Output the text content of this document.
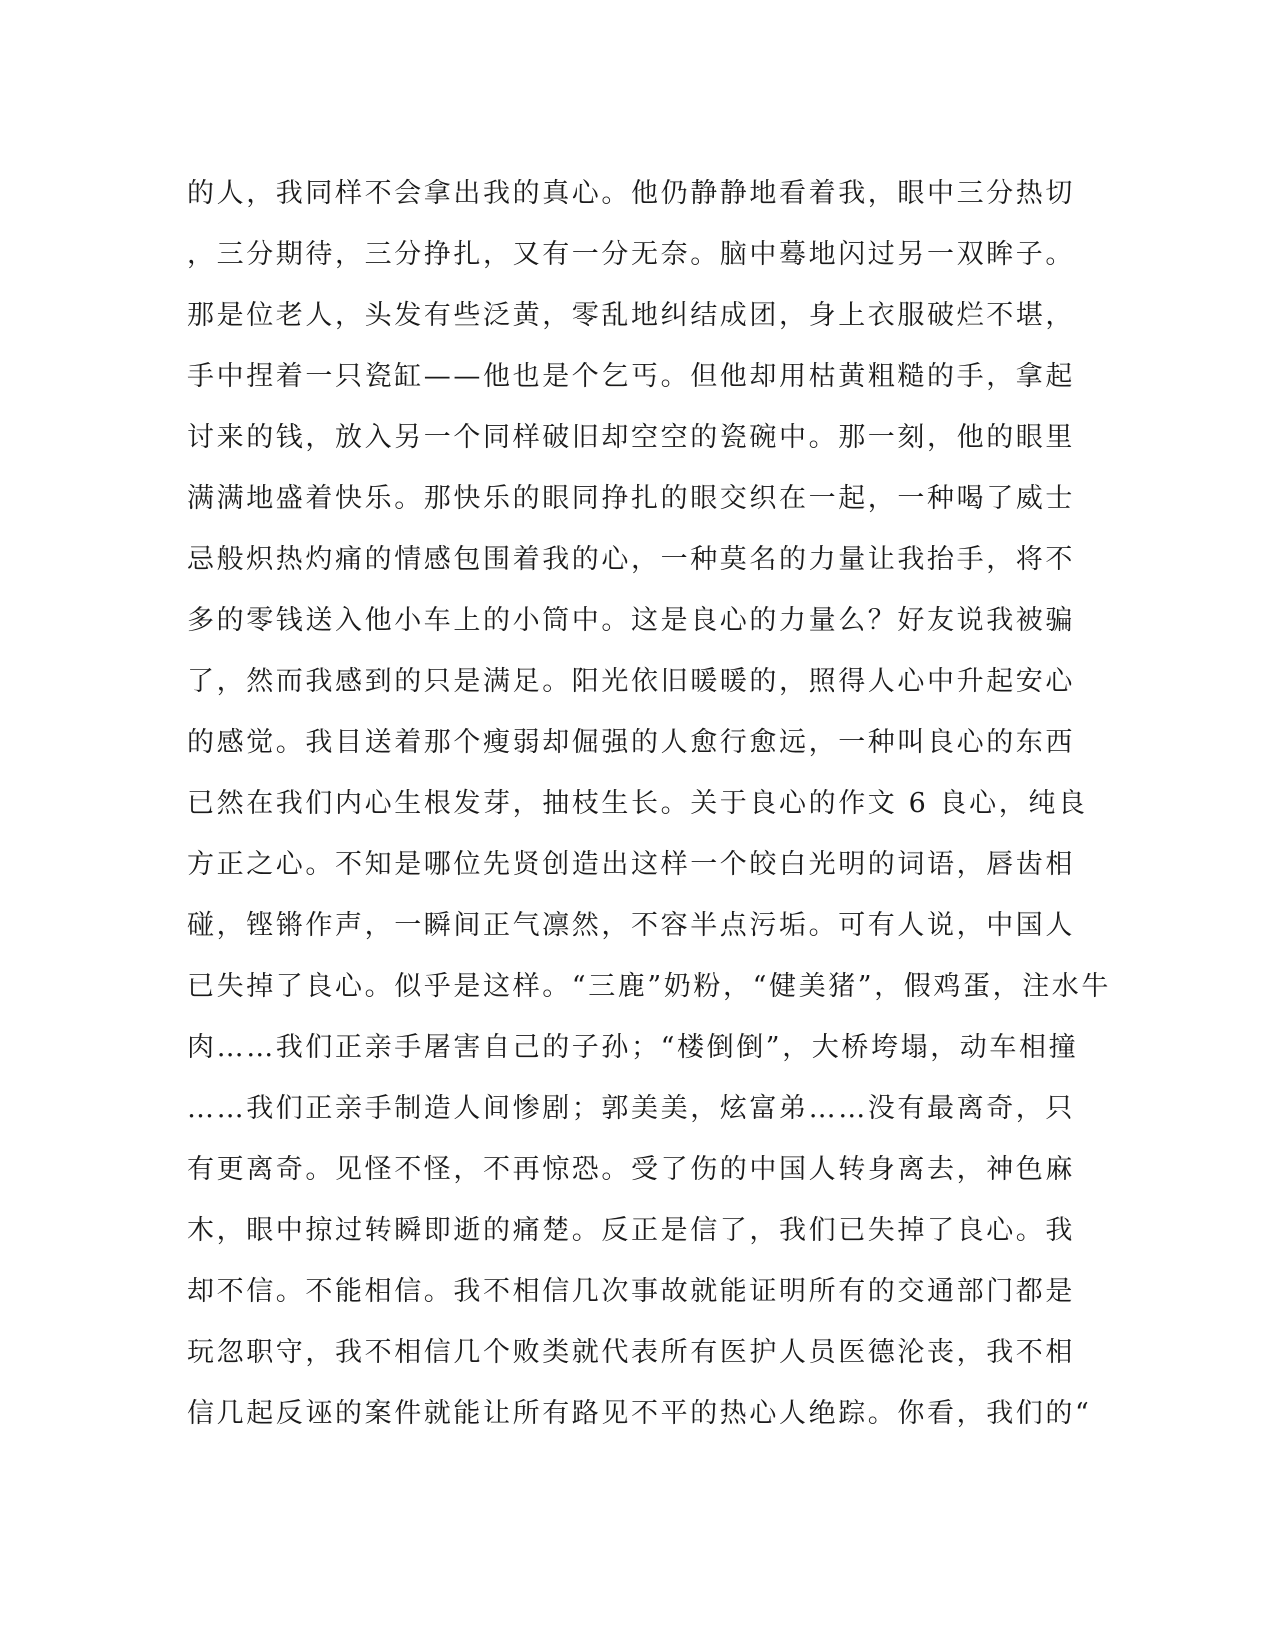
的人，我同样不会拿出我的真心。他仍静静地看着我，眼中三分热切
，三分期待，三分挣扎，又有一分无奈。脑中蓦地闪过另一双眸子。
那是位老人，头发有些泛黄，零乱地纠结成团，身上衣服破烂不堪，
手中捏着一只瓷缸——他也是个乞丐。但他却用枯黄粗糙的手，拿起
讨来的钱，放入另一个同样破旧却空空的瓷碗中。那一刻，他的眼里
满满地盛着快乐。那快乐的眼同挣扎的眼交织在一起，一种喝了威士
忌般炽热灼痛的情感包围着我的心，一种莫名的力量让我抬手，将不
多的零钱送入他小车上的小筒中。这是良心的力量么？好友说我被骗
了，然而我感到的只是满足。阳光依旧暖暖的，照得人心中升起安心
的感觉。我目送着那个瘦弱却倔强的人愈行愈远，一种叫良心的东西
已然在我们内心生根发芽，抽枝生长。关于良心的作文 6 良心，纯良
方正之心。不知是哪位先贤创造出这样一个皎白光明的词语，唇齿相
碰，铿锵作声，一瞬间正气凛然，不容半点污垢。可有人说，中国人
已失掉了良心。似乎是这样。“三鹿”奶粉，“健美猪”，假鸡蛋，注水牛
肉……我们正亲手屠害自己的子孙；“楼倒倒”，大桥垮塌，动车相撞
……我们正亲手制造人间惨剧；郭美美，炫富弟……没有最离奇，只
有更离奇。见怪不怪，不再惊恐。受了伤的中国人转身离去，神色麻
木，眼中掠过转瞬即逝的痛楚。反正是信了，我们已失掉了良心。我
却不信。不能相信。我不相信几次事故就能证明所有的交通部门都是
玩忽职守，我不相信几个败类就代表所有医护人员医德沦丧，我不相
信几起反诬的案件就能让所有路见不平的热心人绝踪。你看，我们的“
